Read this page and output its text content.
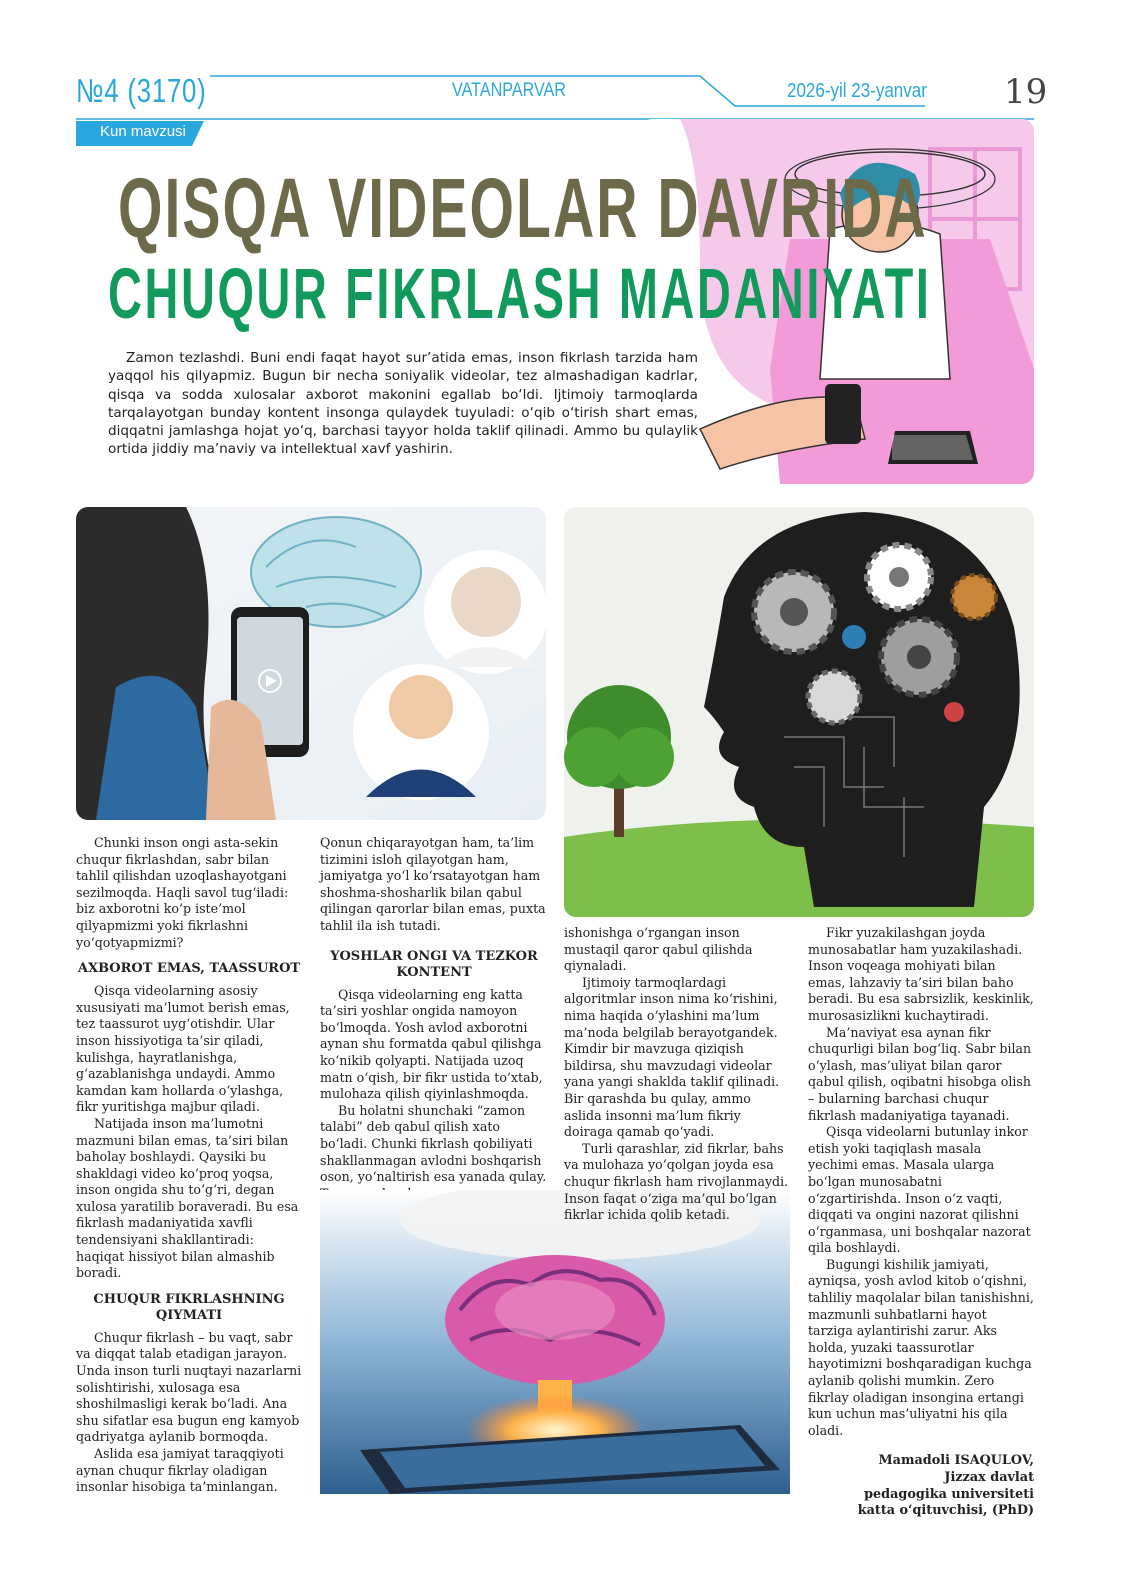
№4 (3170)	VATANPARVAR	2026-yil 23-yanvar 19
Kun mavzusi
QISQA VIDEOLAR DAVRIDA
CHUQUR FIKRLASH MADANIYATI

Zamon tezlashdi. Buni endi faqat hayot sur’atida emas, inson fikrlash tarzida ham yaqqol his qilyapmiz. Bugun bir necha soniyalik videolar, tez almashadigan kadrlar, qisqa va sodda xulosalar axborot makonini egallab bo‘ldi. Ijtimoiy tarmoqlarda tarqalayotgan bunday kontent insonga qulaydek tuyuladi: o‘qib o‘tirish shart emas, diqqatni jamlashga hojat yo‘q, barchasi tayyor holda taklif qilinadi. Ammo bu qulaylik ortida jiddiy ma’naviy va intellektual xavf yashirin.

Chunki inson ongi asta-sekin chuqur fikrlashdan, sabr bilan tahlil qilishdan uzoqlashayotgani sezilmoqda. Haqli savol tug‘iladi: biz axborotni ko‘p iste’mol qilyapmizmi yoki fikrlashni yo‘qotyapmizmi?

AXBOROT EMAS, TAASSUROT

Qisqa videolarning asosiy xususiyati ma’lumot berish emas, tez taassurot uyg‘otishdir. Ular inson hissiyotiga ta’sir qiladi, kulishga, hayratlanishga, g‘azablanishga undaydi. Ammo kamdan kam hollarda o‘ylashga, fikr yuritishga majbur qiladi.

Natijada inson ma’lumotni mazmuni bilan emas, ta’siri bilan baholay boshlaydi. Qaysiki bu shakldagi video ko‘proq yoqsa, inson ongida shu to‘g‘ri, degan xulosa yaratilib boraveradi. Bu esa fikrlash madaniyatida xavfli tendensiyani shakllantiradi: haqiqat hissiyot bilan almashib boradi.

CHUQUR FIKRLASHNING QIYMATI

Chuqur fikrlash – bu vaqt, sabr va diqqat talab etadigan jarayon. Unda inson turli nuqtayi nazarlarni solishtirishi, xulosaga esa shoshilmasligi kerak bo‘ladi. Ana shu sifatlar esa bugun eng kamyob qadriyatga aylanib bormoqda.

Aslida esa jamiyat taraqqiyoti aynan chuqur fikrlay oladigan insonlar hisobiga ta’minlangan.

Qonun chiqarayotgan ham, ta’lim tizimini isloh qilayotgan ham, jamiyatga yo‘l ko‘rsatayotgan ham shoshma-shosharlik bilan qabul qilingan qarorlar bilan emas, puxta tahlil ila ish tutadi.

YOSHLAR ONGI VA TEZKOR KONTENT

Qisqa videolarning eng katta ta’siri yoshlar ongida namoyon bo‘lmoqda. Yosh avlod axborotni aynan shu formatda qabul qilishga ko‘nikib qolyapti. Natijada uzoq matn o‘qish, bir fikr ustida to‘xtab, mulohaza qilish qiyinlashmoqda.

Bu holatni shunchaki “zamon talabi” deb qabul qilish xato bo‘ladi. Chunki fikrlash qobiliyati shakllanmagan avlodni boshqarish oson, yo‘naltirish esa yanada qulay.

ishonishga o‘rgangan inson mustaqil qaror qabul qilishda qiynaladi.

Ijtimoiy tarmoqlardagi algoritmlar inson nima ko‘rishini, nima haqida o‘ylashini ma’lum ma’noda belgilab berayotgandek. Kimdir bir mavzuga qiziqish bildirsa, shu mavzudagi videolar yana yangi shaklda taklif qilinadi. Bir qarashda bu qulay, ammo aslida insonni ma’lum fikriy doiraga qamab qo‘yadi.

Turli qarashlar, zid fikrlar, bahs va mulohaza yo‘qolgan joyda esa chuqur fikrlash ham rivojlanmaydi. Inson faqat o‘ziga ma’qul bo‘lgan fikrlar ichida qolib ketadi.

Fikr yuzakilashgan joyda munosabatlar ham yuzakilashadi. Inson voqeaga mohiyati bilan emas, lahzaviy ta’siri bilan baho beradi. Bu esa sabrsizlik, keskinlik, murosasizlikni kuchaytiradi.

Ma’naviyat esa aynan fikr chuqurligi bilan bog‘liq. Sabr bilan o‘ylash, mas’uliyat bilan qaror qabul qilish, oqibatni hisobga olish – bularning barchasi chuqur fikrlash madaniyatiga tayanadi.

Qisqa videolarni butunlay inkor etish yoki taqiqlash masala yechimi emas. Masala ularga bo‘lgan munosabatni o‘zgartirishda. Inson o‘z vaqti, diqqati va ongini nazorat qilishni o‘rganmasa, uni boshqalar nazorat qila boshlaydi.

Bugungi kishilik jamiyati, ayniqsa, yosh avlod kitob o‘qishni, tahliliy maqolalar bilan tanishishni, mazmunli suhbatlarni hayot tarziga aylantirishi zarur. Aks holda, yuzaki taassurotlar hayotimizni boshqaradigan kuchga aylanib qolishi mumkin. Zero fikrlay oladigan insongina ertangi kun uchun mas’uliyatni his qila oladi.

Mamadoli ISAQULOV,
Jizzax davlat
pedagogika universiteti
katta o‘qituvchisi, (PhD)
